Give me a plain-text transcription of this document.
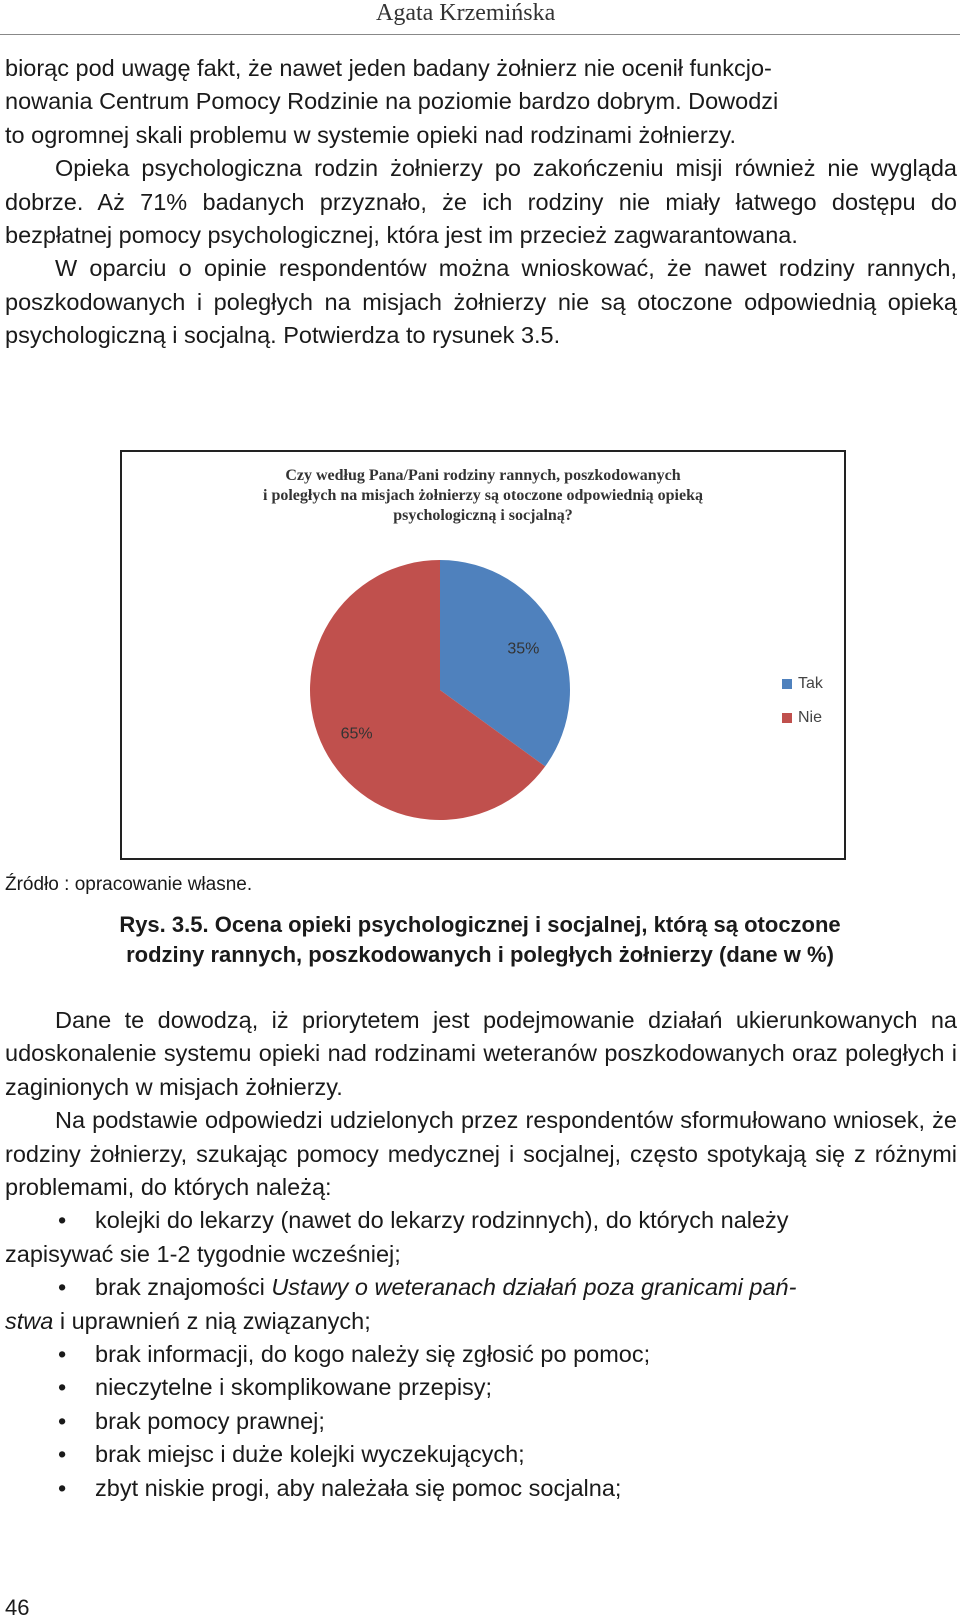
Agata Krzemińska

biorąc pod uwagę fakt, że nawet jeden badany żołnierz nie ocenił funkcjo-
nowania Centrum Pomocy Rodzinie na poziomie bardzo dobrym. Dowodzi
to ogromnej skali problemu w systemie opieki nad rodzinami żołnierzy.

Opieka psychologiczna rodzin żołnierzy po zakończeniu misji również nie wygląda dobrze. Aż 71% badanych przyznało, że ich rodziny nie miały łatwego dostępu do bezpłatnej pomocy psychologicznej, która jest im przecież zagwarantowana.

W oparciu o opinie respondentów można wnioskować, że nawet rodziny rannych, poszkodowanych i poległych na misjach żołnierzy nie są otoczone odpowiednią opieką psychologiczną i socjalną. Potwierdza to rysunek 3.5.

Czy według Pana/Pani rodziny rannych, poszkodowanych
i poległych na misjach żołnierzy są otoczone odpowiednią opieką
psychologiczną i socjalną?
35%
65%
Tak
Nie
Źródło : opracowanie własne.
Rys. 3.5. Ocena opieki psychologicznej i socjalnej, którą są otoczone
rodziny rannych, poszkodowanych i poległych żołnierzy (dane w %)

Dane te dowodzą, iż priorytetem jest podejmowanie działań ukierunkowanych na udoskonalenie systemu opieki nad rodzinami weteranów poszkodowanych oraz poległych i zaginionych w misjach żołnierzy.

Na podstawie odpowiedzi udzielonych przez respondentów sformułowano wniosek, że rodziny żołnierzy, szukając pomocy medycznej i socjalnej, często spotykają się z różnymi problemami, do których należą:

•	kolejki do lekarzy (nawet do lekarzy rodzinnych), do których należy
zapisywać sie 1-2 tygodnie wcześniej;
•	brak znajomości Ustawy o weteranach działań poza granicami pań-
stwa i uprawnień z nią związanych;
•	brak informacji, do kogo należy się zgłosić po pomoc;
•	nieczytelne i skomplikowane przepisy;
•	brak pomocy prawnej;
•	brak miejsc i duże kolejki wyczekujących;
•	zbyt niskie progi, aby należała się pomoc socjalna;
46
